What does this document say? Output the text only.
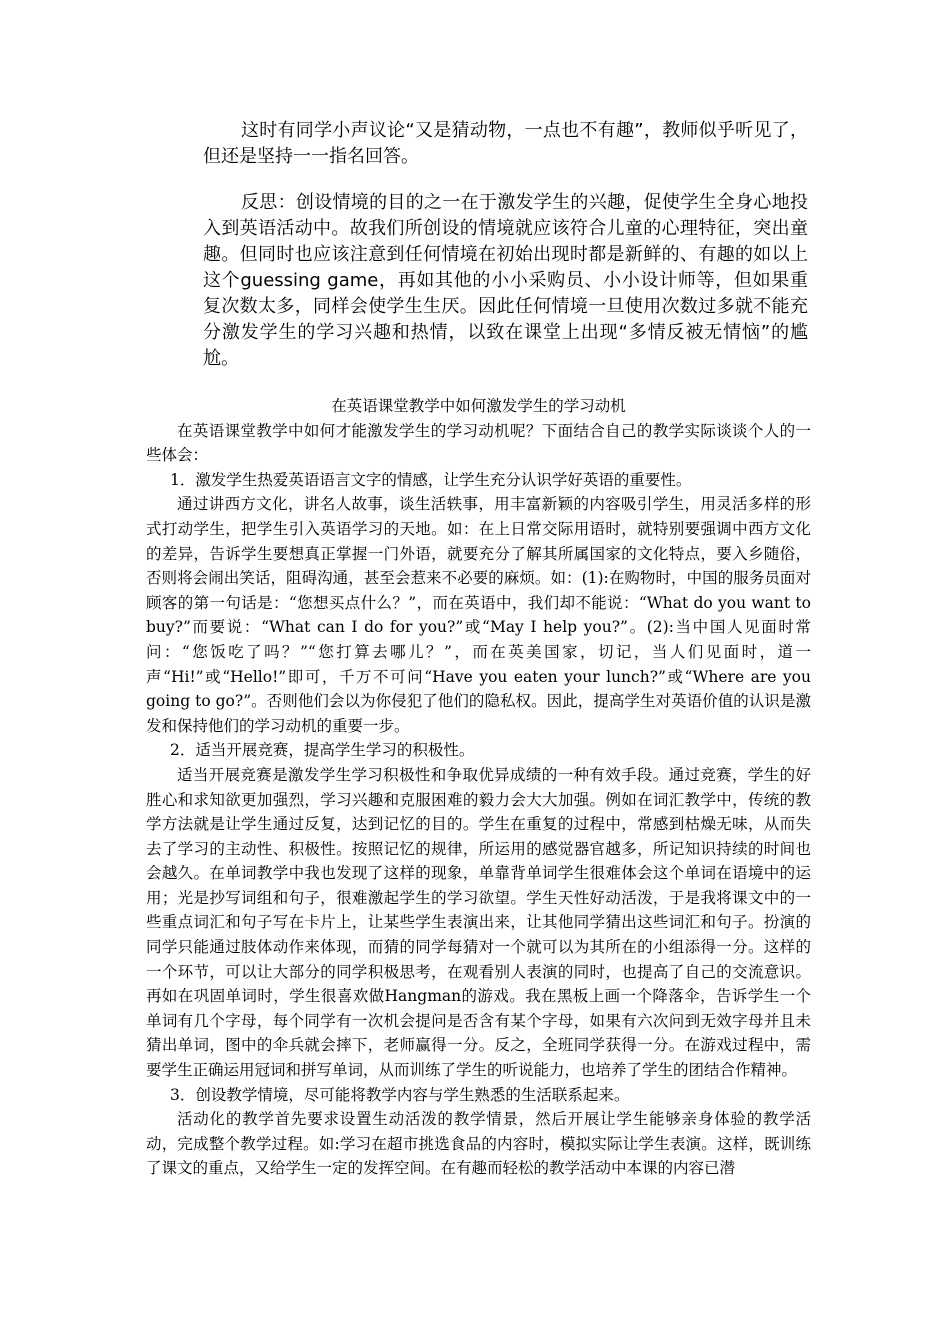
这时有同学小声议论“又是猜动物，一点也不有趣”，教师似乎听见了，但还是坚持一一指名回答。

反思：创设情境的目的之一在于激发学生的兴趣，促使学生全身心地投入到英语活动中。故我们所创设的情境就应该符合儿童的心理特征，突出童趣。但同时也应该注意到任何情境在初始出现时都是新鲜的、有趣的如以上这个guessing game，再如其他的小小采购员、小小设计师等，但如果重复次数太多，同样会使学生生厌。因此任何情境一旦使用次数过多就不能充分激发学生的学习兴趣和热情，以致在课堂上出现“多情反被无情恼”的尴尬。

在英语课堂教学中如何激发学生的学习动机

在英语课堂教学中如何才能激发学生的学习动机呢？下面结合自己的教学实际谈谈个人的一些体会：

1．激发学生热爱英语语言文字的情感，让学生充分认识学好英语的重要性。

通过讲西方文化，讲名人故事，谈生活轶事，用丰富新颖的内容吸引学生，用灵活多样的形式打动学生，把学生引入英语学习的天地。如：在上日常交际用语时，就特别要强调中西方文化的差异，告诉学生要想真正掌握一门外语，就要充分了解其所属国家的文化特点，要入乡随俗，否则将会闹出笑话，阻碍沟通，甚至会惹来不必要的麻烦。如：(1):在购物时，中国的服务员面对顾客的第一句话是：“您想买点什么？”，而在英语中，我们却不能说：“What do you want to buy?”而要说：“What can I do for you?”或“May I help you?”。(2):当中国人见面时常问：“您饭吃了吗？”“您打算去哪儿？”，而在英美国家，切记，当人们见面时，道一声“Hi!”或“Hello!”即可，千万不可问“Have you eaten your lunch?”或“Where are you going to go?”。否则他们会以为你侵犯了他们的隐私权。因此，提高学生对英语价值的认识是激发和保持他们的学习动机的重要一步。

2．适当开展竞赛，提高学生学习的积极性。

适当开展竞赛是激发学生学习积极性和争取优异成绩的一种有效手段。通过竞赛，学生的好胜心和求知欲更加强烈，学习兴趣和克服困难的毅力会大大加强。例如在词汇教学中，传统的教学方法就是让学生通过反复，达到记忆的目的。学生在重复的过程中，常感到枯燥无味，从而失去了学习的主动性、积极性。按照记忆的规律，所运用的感觉器官越多，所记知识持续的时间也会越久。在单词教学中我也发现了这样的现象，单靠背单词学生很难体会这个单词在语境中的运用；光是抄写词组和句子，很难激起学生的学习欲望。学生天性好动活泼，于是我将课文中的一些重点词汇和句子写在卡片上，让某些学生表演出来，让其他同学猜出这些词汇和句子。扮演的同学只能通过肢体动作来体现，而猜的同学每猜对一个就可以为其所在的小组添得一分。这样的一个环节，可以让大部分的同学积极思考，在观看别人表演的同时，也提高了自己的交流意识。再如在巩固单词时，学生很喜欢做Hangman的游戏。我在黑板上画一个降落伞，告诉学生一个单词有几个字母，每个同学有一次机会提问是否含有某个字母，如果有六次问到无效字母并且未猜出单词，图中的伞兵就会摔下，老师赢得一分。反之，全班同学获得一分。在游戏过程中，需要学生正确运用冠词和拼写单词，从而训练了学生的听说能力，也培养了学生的团结合作精神。

3．创设教学情境，尽可能将教学内容与学生熟悉的生活联系起来。

活动化的教学首先要求设置生动活泼的教学情景，然后开展让学生能够亲身体验的教学活动，完成整个教学过程。如:学习在超市挑选食品的内容时，模拟实际让学生表演。这样，既训练了课文的重点，又给学生一定的发挥空间。在有趣而轻松的教学活动中本课的内容已潜
